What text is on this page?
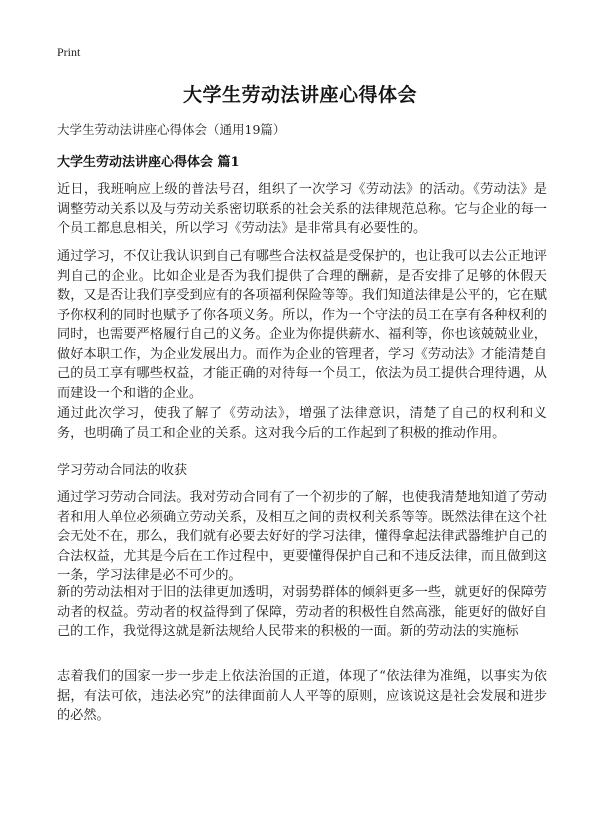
Print
大学生劳动法讲座心得体会
大学生劳动法讲座心得体会（通用19篇）
大学生劳动法讲座心得体会 篇1

近日，我班响应上级的普法号召，组织了一次学习《劳动法》的活动。《劳动法》是调整劳动关系以及与劳动关系密切联系的社会关系的法律规范总称。它与企业的每一个员工都息息相关，所以学习《劳动法》是非常具有必要性的。

通过学习，不仅让我认识到自己有哪些合法权益是受保护的，也让我可以去公正地评判自己的企业。比如企业是否为我们提供了合理的酬薪，是否安排了足够的休假天数，又是否让我们享受到应有的各项福利保险等等。我们知道法律是公平的，它在赋予你权利的同时也赋予了你各项义务。所以，作为一个守法的员工在享有各种权利的同时，也需要严格履行自己的义务。企业为你提供薪水、福利等，你也该兢兢业业，做好本职工作，为企业发展出力。而作为企业的管理者，学习《劳动法》才能清楚自己的员工享有哪些权益，才能正确的对待每一个员工，依法为员工提供合理待遇，从而建设一个和谐的企业。

通过此次学习，使我了解了《劳动法》，增强了法律意识，清楚了自己的权利和义务，也明确了员工和企业的关系。这对我今后的工作起到了积极的推动作用。

学习劳动合同法的收获

通过学习劳动合同法。我对劳动合同有了一个初步的了解，也使我清楚地知道了劳动者和用人单位必须确立劳动关系，及相互之间的责权利关系等等。既然法律在这个社会无处不在，那么，我们就有必要去好好的学习法律，懂得拿起法律武器维护自己的合法权益，尤其是今后在工作过程中，更要懂得保护自己和不违反法律，而且做到这一条，学习法律是必不可少的。

新的劳动法相对于旧的法律更加透明，对弱势群体的倾斜更多一些，就更好的保障劳动者的权益。劳动者的权益得到了保障，劳动者的积极性自然高涨，能更好的做好自己的工作，我觉得这就是新法规给人民带来的积极的一面。新的劳动法的实施标

志着我们的国家一步一步走上依法治国的正道，体现了“依法律为准绳，以事实为依据，有法可依，违法必究”的法律面前人人平等的原则，应该说这是社会发展和进步的必然。
